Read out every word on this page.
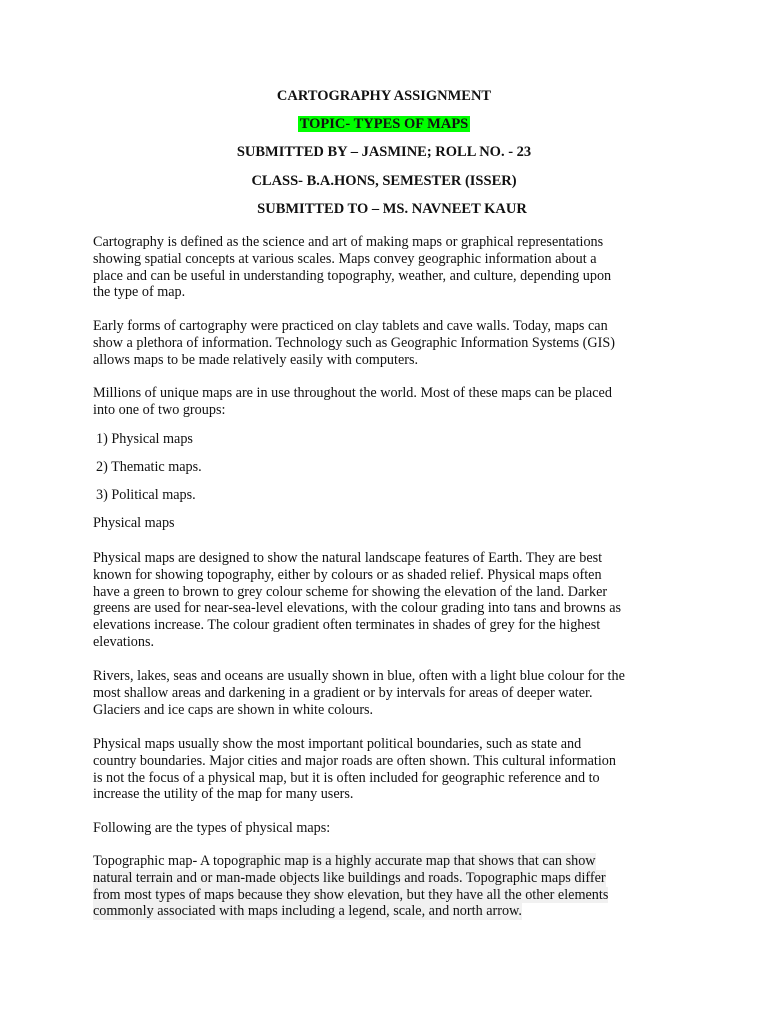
CARTOGRAPHY ASSIGNMENT
TOPIC- TYPES OF MAPS
SUBMITTED BY – JASMINE; ROLL NO. - 23
CLASS- B.A.HONS, SEMESTER (ISSER)
SUBMITTED TO – MS. NAVNEET KAUR
Cartography is defined as the science and art of making maps or graphical representations
showing spatial concepts at various scales. Maps convey geographic information about a
place and can be useful in understanding topography, weather, and culture, depending upon
the type of map.
Early forms of cartography were practiced on clay tablets and cave walls. Today, maps can
show a plethora of information. Technology such as Geographic Information Systems (GIS)
allows maps to be made relatively easily with computers.
Millions of unique maps are in use throughout the world. Most of these maps can be placed
into one of two groups:
1) Physical maps
2) Thematic maps.
3) Political maps.
Physical maps
Physical maps are designed to show the natural landscape features of Earth. They are best
known for showing topography, either by colours or as shaded relief. Physical maps often
have a green to brown to grey colour scheme for showing the elevation of the land. Darker
greens are used for near-sea-level elevations, with the colour grading into tans and browns as
elevations increase. The colour gradient often terminates in shades of grey for the highest
elevations.
Rivers, lakes, seas and oceans are usually shown in blue, often with a light blue colour for the
most shallow areas and darkening in a gradient or by intervals for areas of deeper water.
Glaciers and ice caps are shown in white colours.
Physical maps usually show the most important political boundaries, such as state and
country boundaries. Major cities and major roads are often shown. This cultural information
is not the focus of a physical map, but it is often included for geographic reference and to
increase the utility of the map for many users.
Following are the types of physical maps:
Topographic map- A topographic map is a highly accurate map that shows that can show natural terrain and or man-made objects like buildings and roads. Topographic maps differ from most types of maps because they show elevation, but they have all the other elements commonly associated with maps including a legend, scale, and north arrow.
